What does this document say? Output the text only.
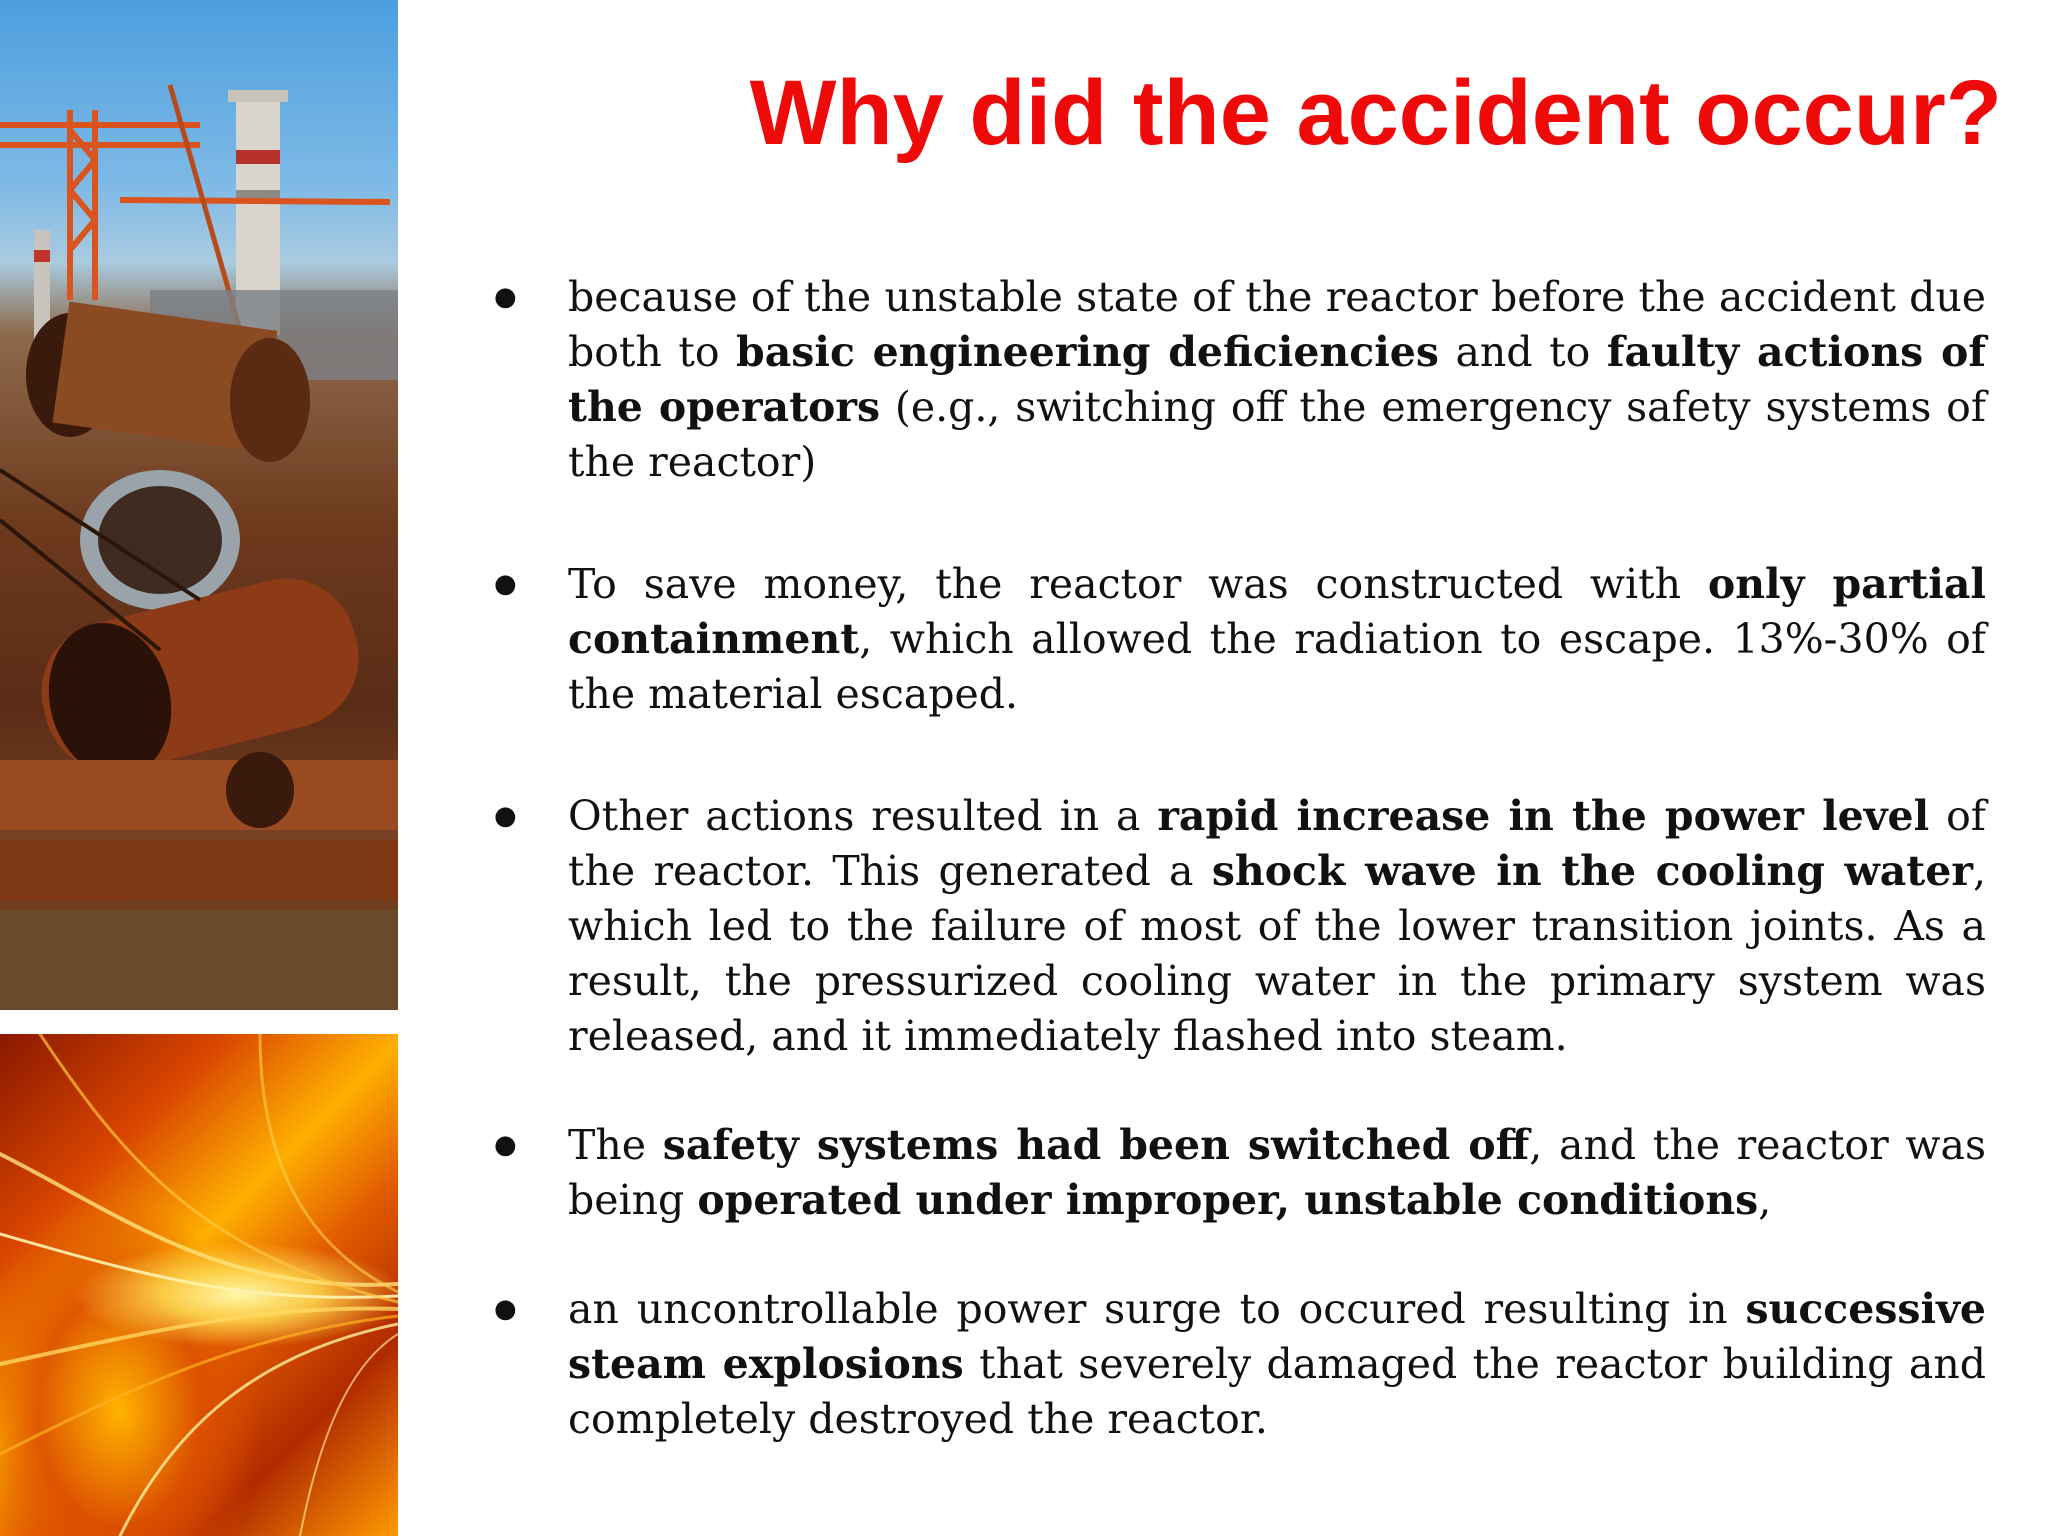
Why did the accident occur?
● because of the unstable state of the reactor before the accident due both to basic engineering deficiencies and to faulty actions of the operators (e.g., switching off the emergency safety systems of the reactor)
● To save money, the reactor was constructed with only partial containment, which allowed the radiation to escape. 13%-30% of the material escaped.
● Other actions resulted in a rapid increase in the power level of the reactor. This generated a shock wave in the cooling water, which led to the failure of most of the lower transition joints. As a result, the pressurized cooling water in the primary system was released, and it immediately flashed into steam.
● The safety systems had been switched off, and the reactor was being operated under improper, unstable conditions,
● an uncontrollable power surge to occured resulting in successive steam explosions that severely damaged the reactor building and completely destroyed the reactor.
